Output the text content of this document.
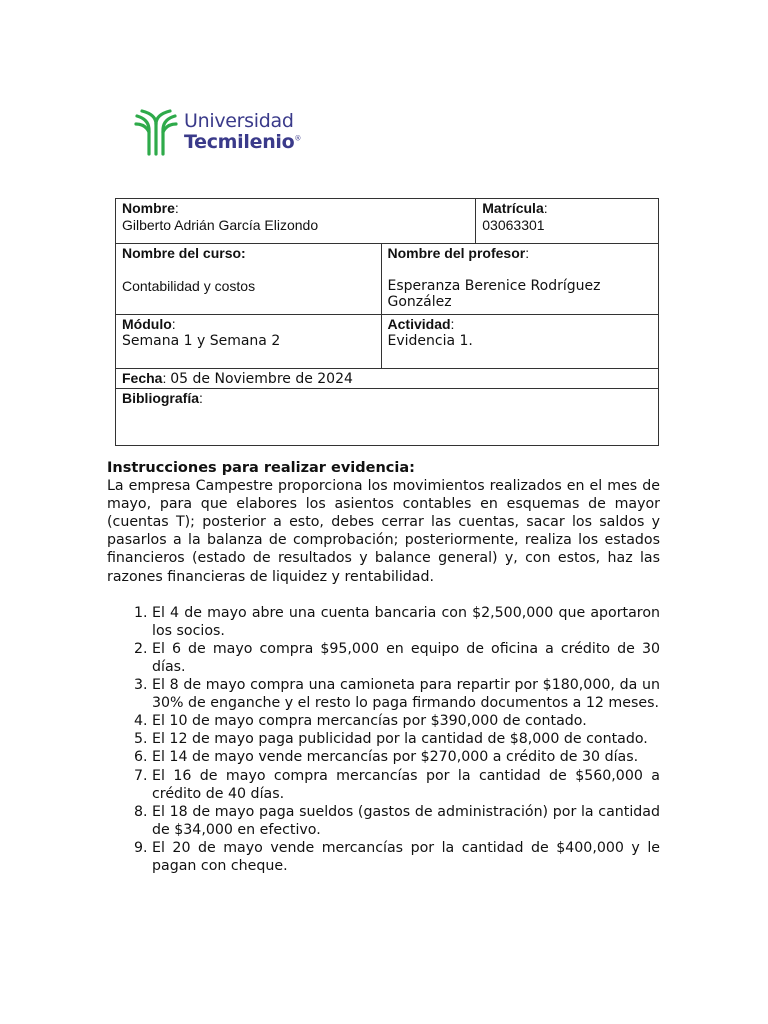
Universidad
Tecmilenio®
Nombre:
Gilberto Adrián García Elizondo		Matrícula:
03063301
Nombre del curso:

Contabilidad y costos	Nombre del profesor:

Esperanza Berenice Rodríguez González	
Módulo:
Semana 1 y Semana 2	Actividad:
Evidencia 1.	
Fecha: 05 de Noviembre de 2024		
Bibliografía:		
Instrucciones para realizar evidencia:
La empresa Campestre proporciona los movimientos realizados en el mes de mayo, para que elabores los asientos contables en esquemas de mayor (cuentas T); posterior a esto, debes cerrar las cuentas, sacar los saldos y pasarlos a la balanza de comprobación; posteriormente, realiza los estados financieros (estado de resultados y balance general) y, con estos, haz las razones financieras de liquidez y rentabilidad.
1. El 4 de mayo abre una cuenta bancaria con $2,500,000 que aportaron los socios.
2. El 6 de mayo compra $95,000 en equipo de oficina a crédito de 30 días.
3. El 8 de mayo compra una camioneta para repartir por $180,000, da un 30% de enganche y el resto lo paga firmando documentos a 12 meses.
4. El 10 de mayo compra mercancías por $390,000 de contado.
5. El 12 de mayo paga publicidad por la cantidad de $8,000 de contado.
6. El 14 de mayo vende mercancías por $270,000 a crédito de 30 días.
7. El 16 de mayo compra mercancías por la cantidad de $560,000 a crédito de 40 días.
8. El 18 de mayo paga sueldos (gastos de administración) por la cantidad de $34,000 en efectivo.
9. El 20 de mayo vende mercancías por la cantidad de $400,000 y le pagan con cheque.
